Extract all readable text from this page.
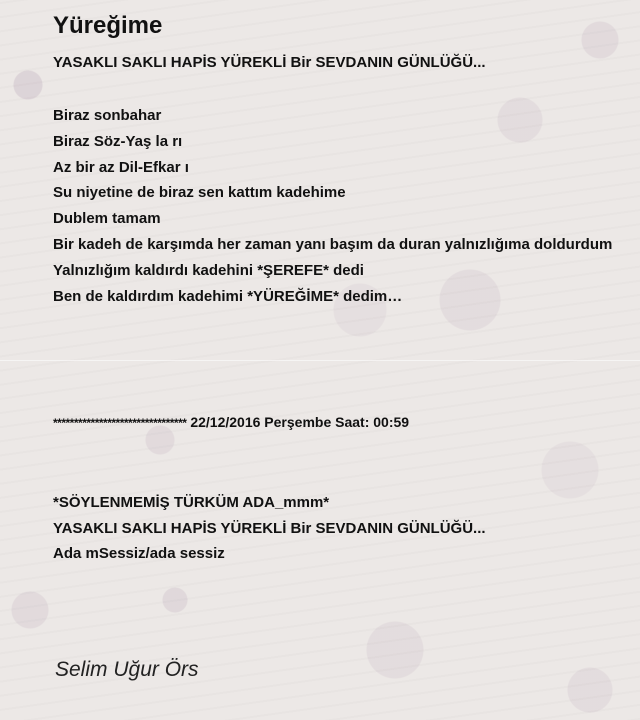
Yüreğime
YASAKLI SAKLI HAPİS YÜREKLİ Bir SEVDANIN GÜNLÜĞÜ...
Biraz sonbahar
Biraz Söz-Yaş la rı
Az bir az Dil-Efkar ı
Su niyetine de biraz sen kattım kadehime
Dublem tamam
Bir kadeh de karşımda her zaman yanı başım da duran yalnızlığıma doldurdum
Yalnızlığım kaldırdı kadehini *ŞEREFE* dedi
Ben de kaldırdım kadehimi *YÜREĞİME* dedim…
******************************** 22/12/2016 Perşembe Saat: 00:59
*SÖYLENMEMİŞ TÜRKÜM ADA_mmm*
YASAKLI SAKLI HAPİS YÜREKLİ Bir SEVDANIN GÜNLÜĞÜ...
Ada mSessiz/ada sessiz
Selim Uğur Örs
